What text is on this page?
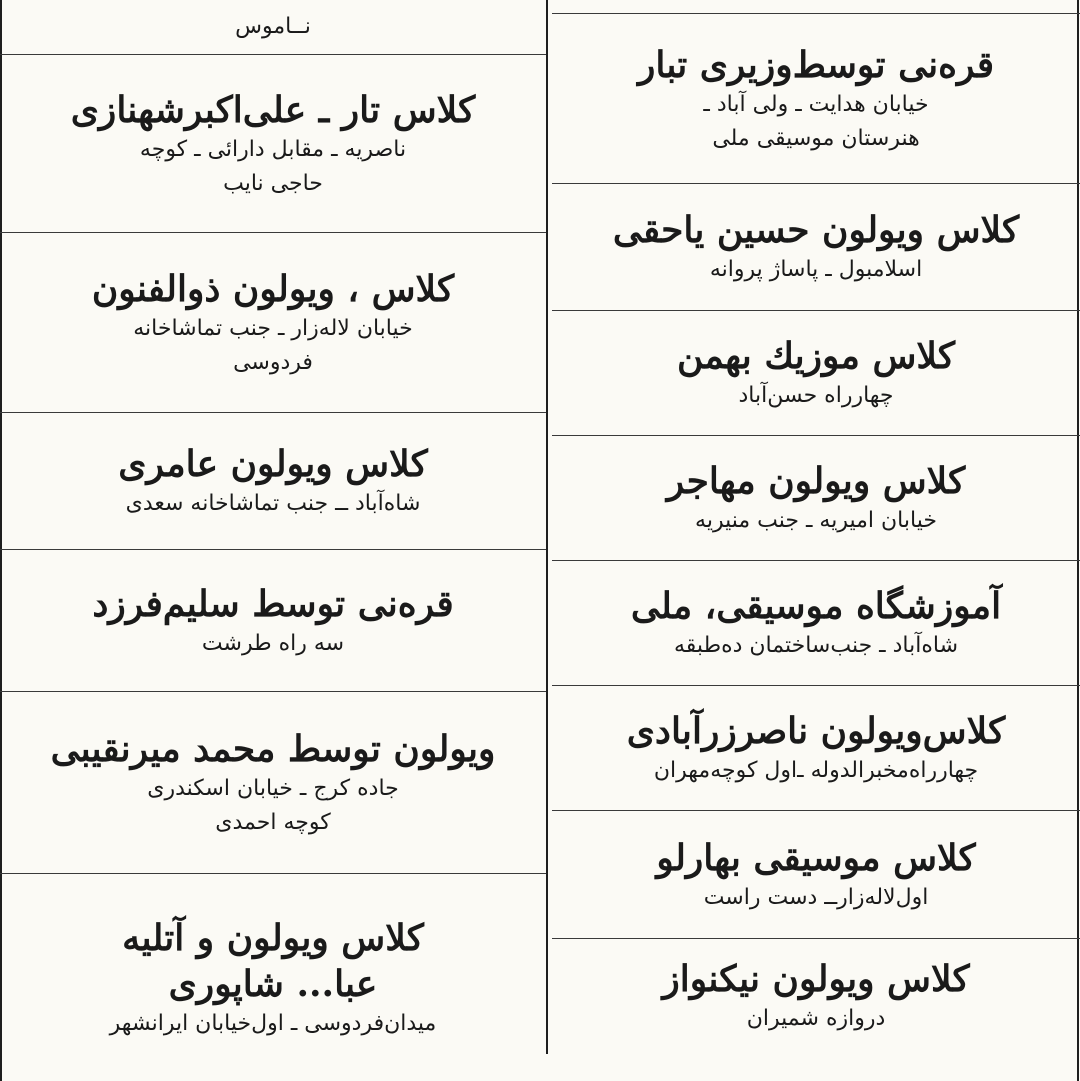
نــاموس
کلاس تار ـ علی‌اکبرشهنازی
ناصریه ـ مقابل دارائی ـ کوچه
حاجی نایب
کلاس ، ویولون ذوالفنون
خیابان لاله‌زار ـ جنب تماشاخانه
فردوسی
کلاس ویولون عامری
شاه‌آباد ــ جنب تماشاخانه سعدی
قره‌نی توسط سلیم‌فرزد
سه راه طرشت
ویولون توسط محمد میرنقیبی
جاده کرج ـ خیابان اسکندری
کوچه احمدی
کلاس ویولون و آتلیه
عبا... شاپوری
میدان‌فردوسی ـ اول‌خیابان ایرانشهر
قره‌نی توسط‌وزیری تبار
خیابان هدایت ـ ولی آباد ـ
هنرستان موسیقی ملی
کلاس ویولون حسین یاحقی
اسلامبول ـ پاساژ پروانه
کلاس موزیك بهمن
چهارراه حسن‌آباد
کلاس ویولون مهاجر
خیابان امیریه ـ جنب منیریه
آموزشگاه موسیقی، ملی
شاه‌آباد ـ جنب‌ساختمان ده‌طبقه
کلاس‌ویولون ناصرزرآبادی
چهارراه‌مخبرالدوله ـ‌اول کوچه‌مهران
کلاس موسیقی بهارلو
اول‌لاله‌زار‌ــ دست راست
کلاس ویولون نیکنواز
دروازه شمیران
